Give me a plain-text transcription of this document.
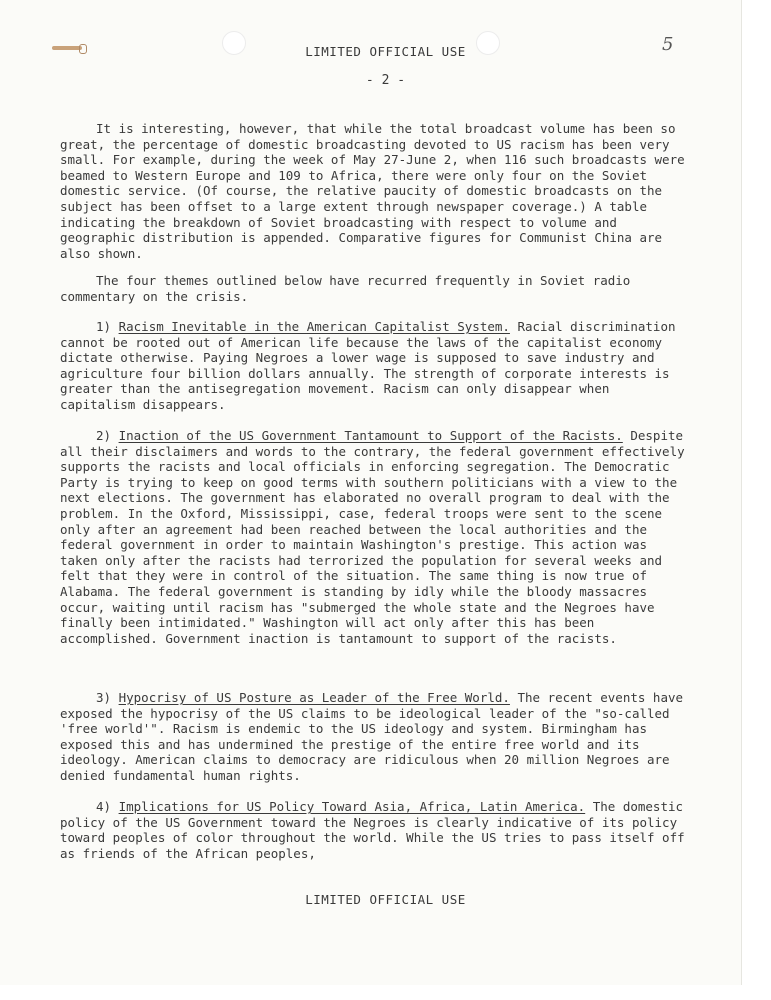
5
LIMITED OFFICIAL USE
- 2 -

It is interesting, however, that while the total broadcast volume has been so great, the percentage of domestic broadcasting devoted to US racism has been very small. For example, during the week of May 27-June 2, when 116 such broadcasts were beamed to Western Europe and 109 to Africa, there were only four on the Soviet domestic service. (Of course, the relative paucity of domestic broadcasts on the subject has been offset to a large extent through newspaper coverage.) A table indicating the breakdown of Soviet broadcasting with respect to volume and geographic distribution is appended. Comparative figures for Communist China are also shown.

The four themes outlined below have recurred frequently in Soviet radio commentary on the crisis.

1) Racism Inevitable in the American Capitalist System. Racial discrimination cannot be rooted out of American life because the laws of the capitalist economy dictate otherwise. Paying Negroes a lower wage is supposed to save industry and agriculture four billion dollars annually. The strength of corporate interests is greater than the antisegregation movement. Racism can only disappear when capitalism disappears.

2) Inaction of the US Government Tantamount to Support of the Racists. Despite all their disclaimers and words to the contrary, the federal government effectively supports the racists and local officials in enforcing segregation. The Democratic Party is trying to keep on good terms with southern politicians with a view to the next elections. The government has elaborated no overall program to deal with the problem. In the Oxford, Mississippi, case, federal troops were sent to the scene only after an agreement had been reached between the local authorities and the federal government in order to maintain Washington's prestige. This action was taken only after the racists had terrorized the population for several weeks and felt that they were in control of the situation. The same thing is now true of Alabama. The federal government is standing by idly while the bloody massacres occur, waiting until racism has "submerged the whole state and the Negroes have finally been intimidated." Washington will act only after this has been accomplished. Government inaction is tantamount to support of the racists.

3) Hypocrisy of US Posture as Leader of the Free World. The recent events have exposed the hypocrisy of the US claims to be ideological leader of the "so-called 'free world'". Racism is endemic to the US ideology and system. Birmingham has exposed this and has undermined the prestige of the entire free world and its ideology. American claims to democracy are ridiculous when 20 million Negroes are denied fundamental human rights.

4) Implications for US Policy Toward Asia, Africa, Latin America. The domestic policy of the US Government toward the Negroes is clearly indicative of its policy toward peoples of color throughout the world. While the US tries to pass itself off as friends of the African peoples,

LIMITED OFFICIAL USE
